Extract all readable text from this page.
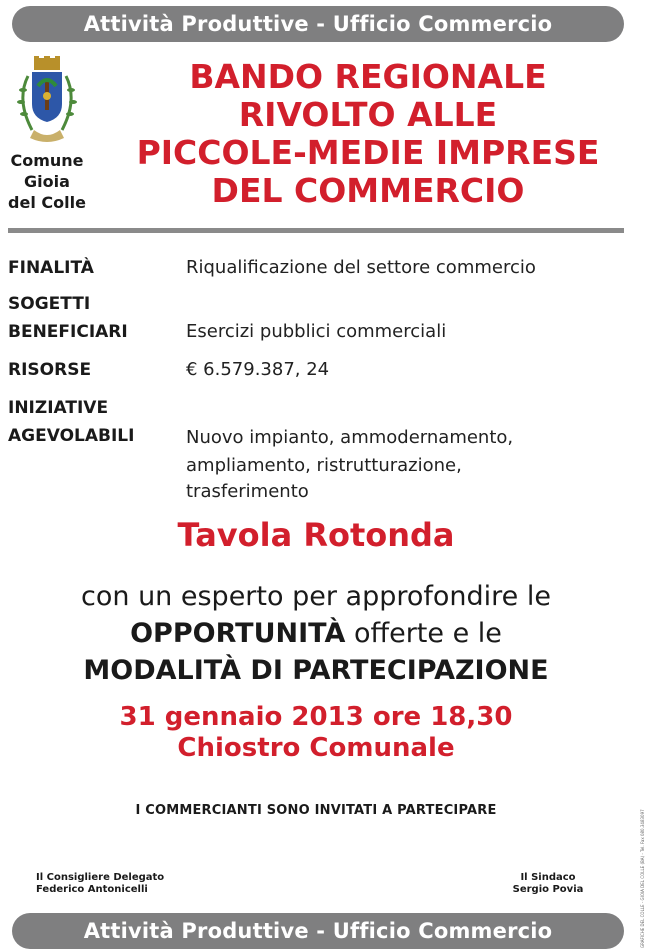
Attività Produttive - Ufficio Commercio
Comune
Gioia
del Colle
BANDO REGIONALE
RIVOLTO ALLE
PICCOLE-MEDIE IMPRESE
DEL COMMERCIO
FINALITÀ	Riqualificazione del settore commercio
SOGETTI
BENEFICIARI	Esercizi pubblici commerciali
RISORSE	€ 6.579.387, 24
INIZIATIVE
AGEVOLABILI	Nuovo impianto, ammodernamento,
ampliamento, ristrutturazione,
trasferimento
Tavola Rotonda
con un esperto per approfondire le
OPPORTUNITÀ offerte e le
MODALITÀ DI PARTECIPAZIONE
31 gennaio 2013 ore 18,30
Chiostro Comunale
I COMMERCIANTI SONO INVITATI A PARTECIPARE
Il Consigliere Delegato
Federico Antonicelli
Il Sindaco
Sergio Povia	GRAFICHE DEL COLLE - GIOIA DEL COLLE (BA) - Tel. Fax 080.3483097
Attività Produttive - Ufficio Commercio
